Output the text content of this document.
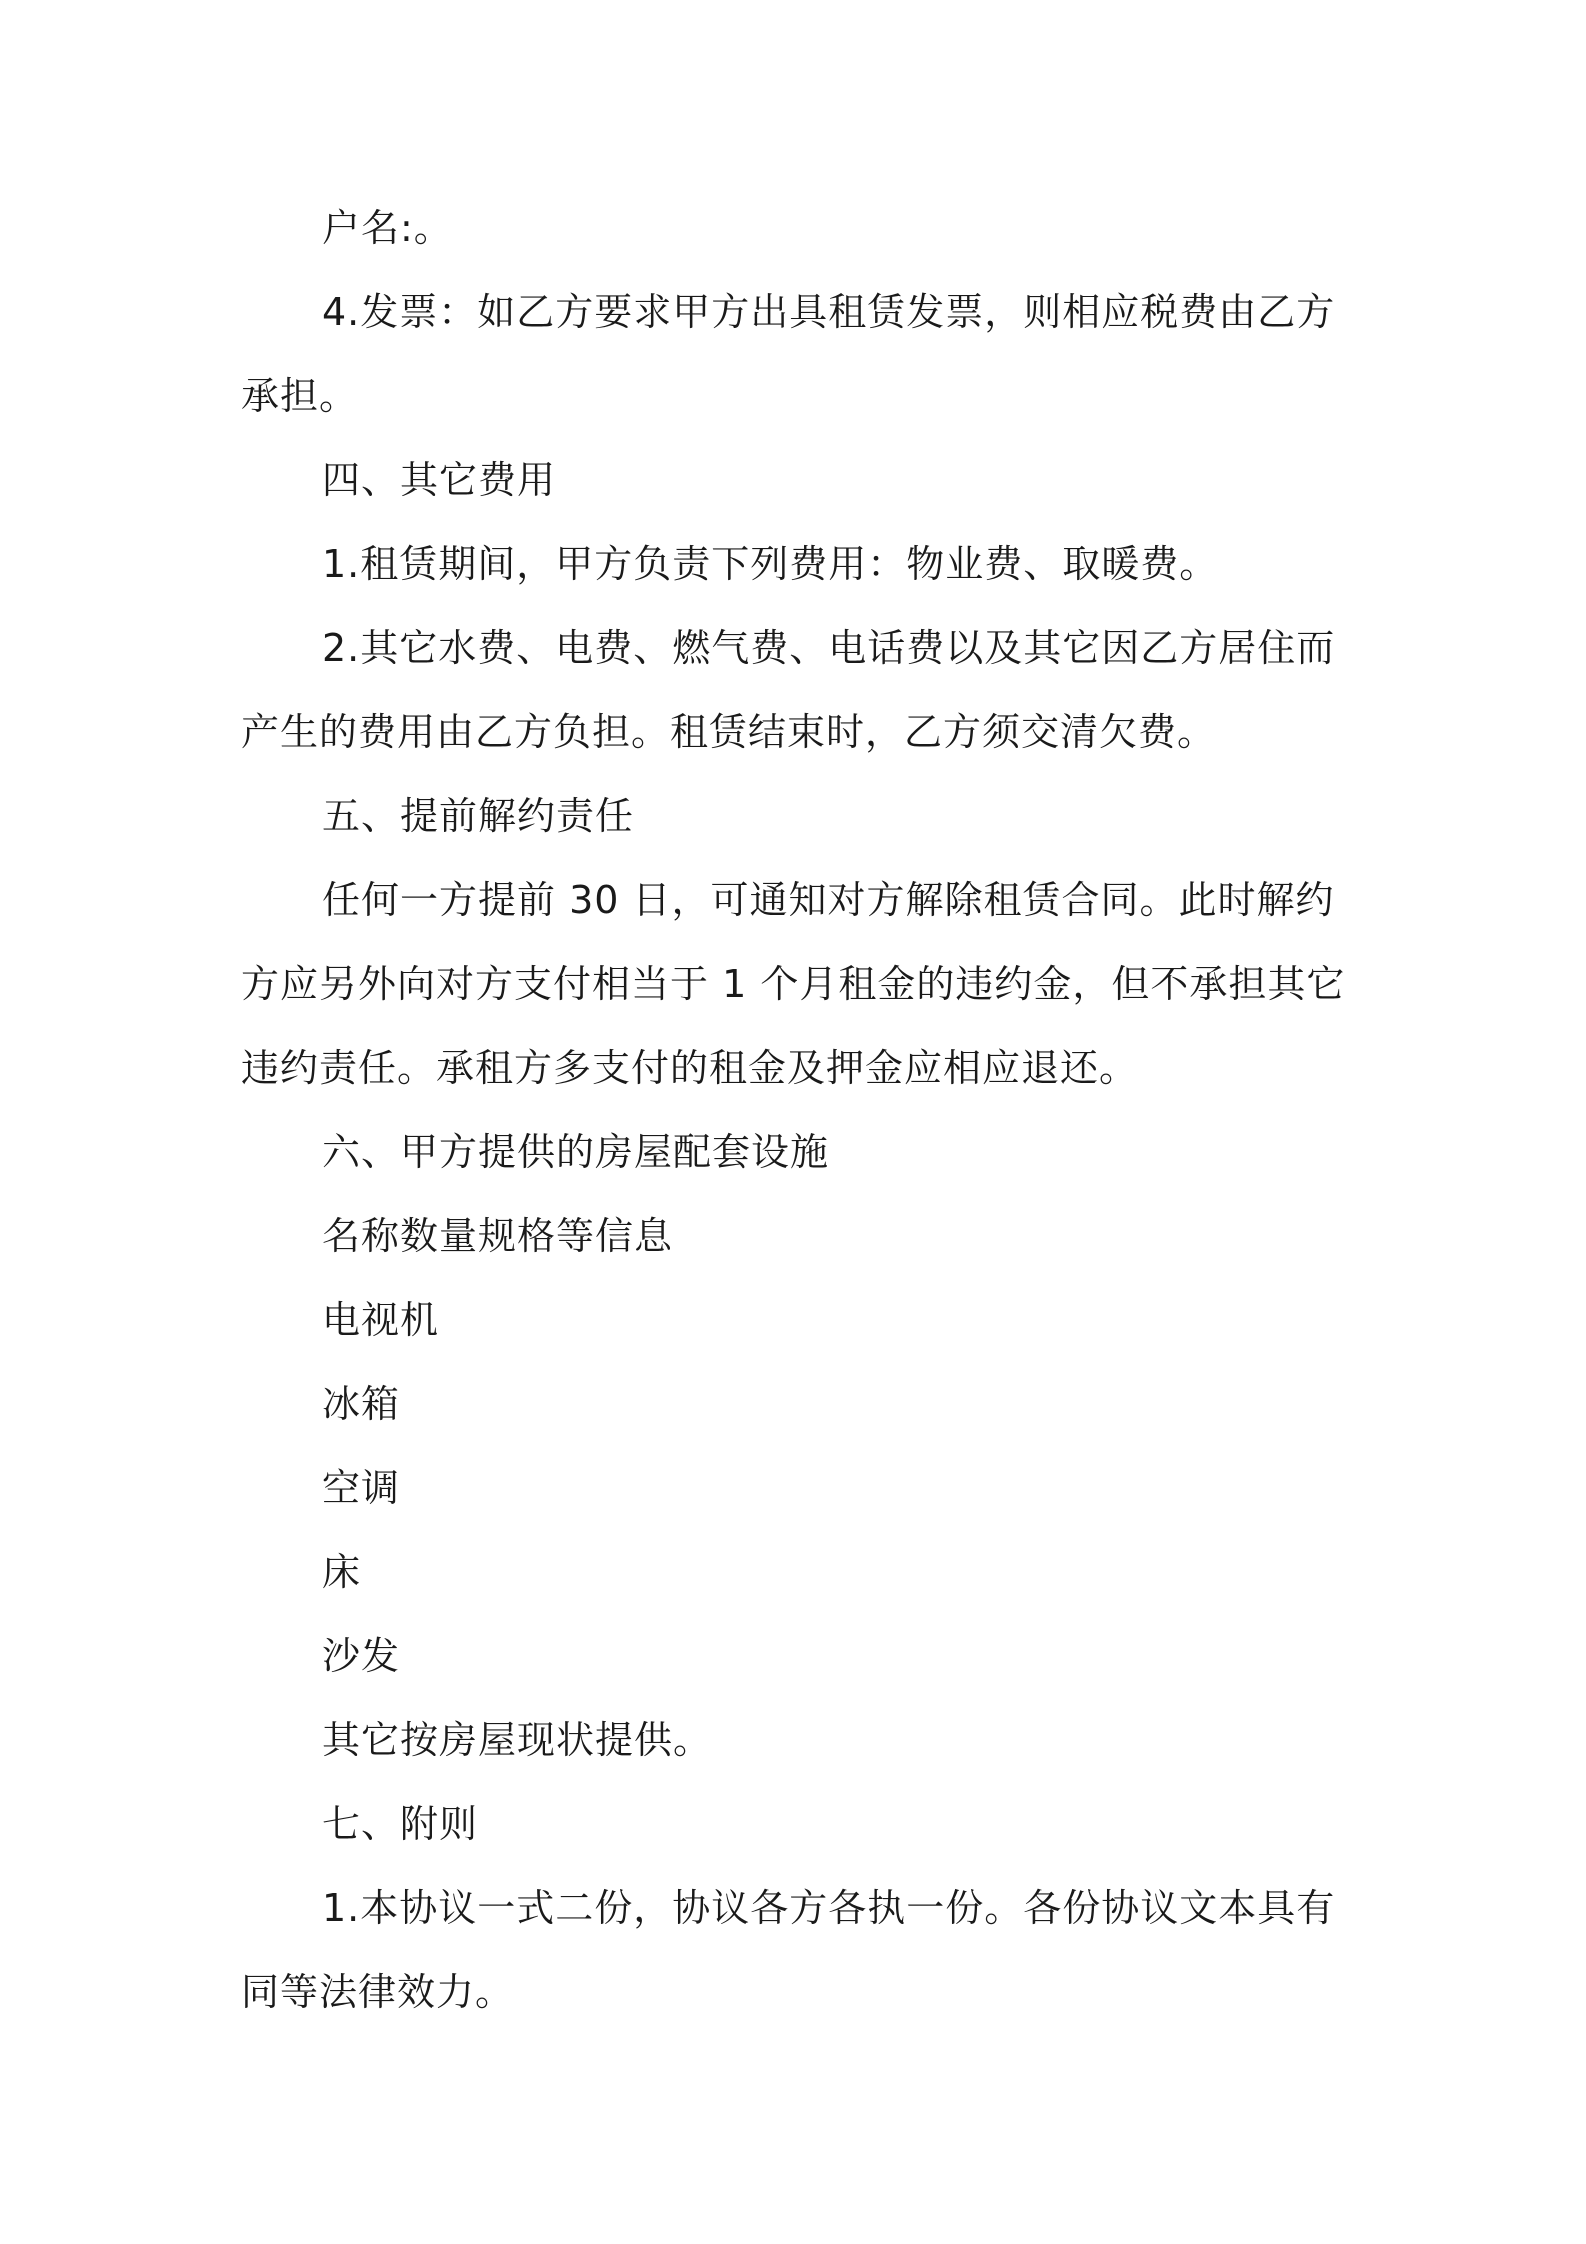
户名:。
4.发票：如乙方要求甲方出具租赁发票，则相应税费由乙方
承担。
四、其它费用
1.租赁期间，甲方负责下列费用：物业费、取暖费。
2.其它水费、电费、燃气费、电话费以及其它因乙方居住而
产生的费用由乙方负担。租赁结束时，乙方须交清欠费。
五、提前解约责任
任何一方提前 30 日，可通知对方解除租赁合同。此时解约
方应另外向对方支付相当于 1 个月租金的违约金，但不承担其它
违约责任。承租方多支付的租金及押金应相应退还。
六、甲方提供的房屋配套设施
名称数量规格等信息
电视机
冰箱
空调
床
沙发
其它按房屋现状提供。
七、附则
1.本协议一式二份，协议各方各执一份。各份协议文本具有
同等法律效力。
